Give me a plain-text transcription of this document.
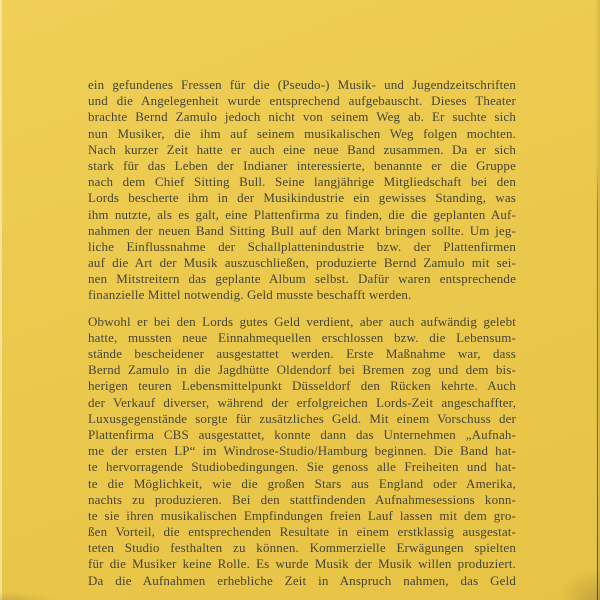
ein gefundenes Fressen für die (Pseudo-) Musik- und Jugendzeitschriften
und die Angelegenheit wurde entsprechend aufgebauscht. Dieses Theater
brachte Bernd Zamulo jedoch nicht von seinem Weg ab. Er suchte sich
nun Musiker, die ihm auf seinem musikalischen Weg folgen mochten.
Nach kurzer Zeit hatte er auch eine neue Band zusammen. Da er sich
stark für das Leben der Indianer interessierte, benannte er die Gruppe
nach dem Chief Sitting Bull. Seine langjährige Mitgliedschaft bei den
Lords bescherte ihm in der Musikindustrie ein gewisses Standing, was
ihm nutzte, als es galt, eine Plattenfirma zu finden, die die geplanten Auf-
nahmen der neuen Band Sitting Bull auf den Markt bringen sollte. Um jeg-
liche Einflussnahme der Schallplattenindustrie bzw. der Plattenfirmen
auf die Art der Musik auszuschließen, produzierte Bernd Zamulo mit sei-
nen Mitstreitern das geplante Album selbst. Dafür waren entsprechende
finanzielle Mittel notwendig. Geld musste beschafft werden.
Obwohl er bei den Lords gutes Geld verdient, aber auch aufwändig gelebt
hatte, mussten neue Einnahmequellen erschlossen bzw. die Lebensum-
stände bescheidener ausgestattet werden. Erste Maßnahme war, dass
Bernd Zamulo in die Jagdhütte Oldendorf bei Bremen zog und dem bis-
herigen teuren Lebensmittelpunkt Düsseldorf den Rücken kehrte. Auch
der Verkauf diverser, während der erfolgreichen Lords-Zeit angeschaffter,
Luxusgegenstände sorgte für zusätzliches Geld. Mit einem Vorschuss der
Plattenfirma CBS ausgestattet, konnte dann das Unternehmen „Aufnah-
me der ersten LP“ im Windrose-Studio/Hamburg beginnen. Die Band hat-
te hervorragende Studiobedingungen. Sie genoss alle Freiheiten und hat-
te die Möglichkeit, wie die großen Stars aus England oder Amerika,
nachts zu produzieren. Bei den stattfindenden Aufnahmesessions konn-
te sie ihren musikalischen Empfindungen freien Lauf lassen mit dem gro-
ßen Vorteil, die entsprechenden Resultate in einem erstklassig ausgestat-
teten Studio festhalten zu können. Kommerzielle Erwägungen spielten
für die Musiker keine Rolle. Es wurde Musik der Musik willen produziert.
Da die Aufnahmen erhebliche Zeit in Anspruch nahmen, das Geld
